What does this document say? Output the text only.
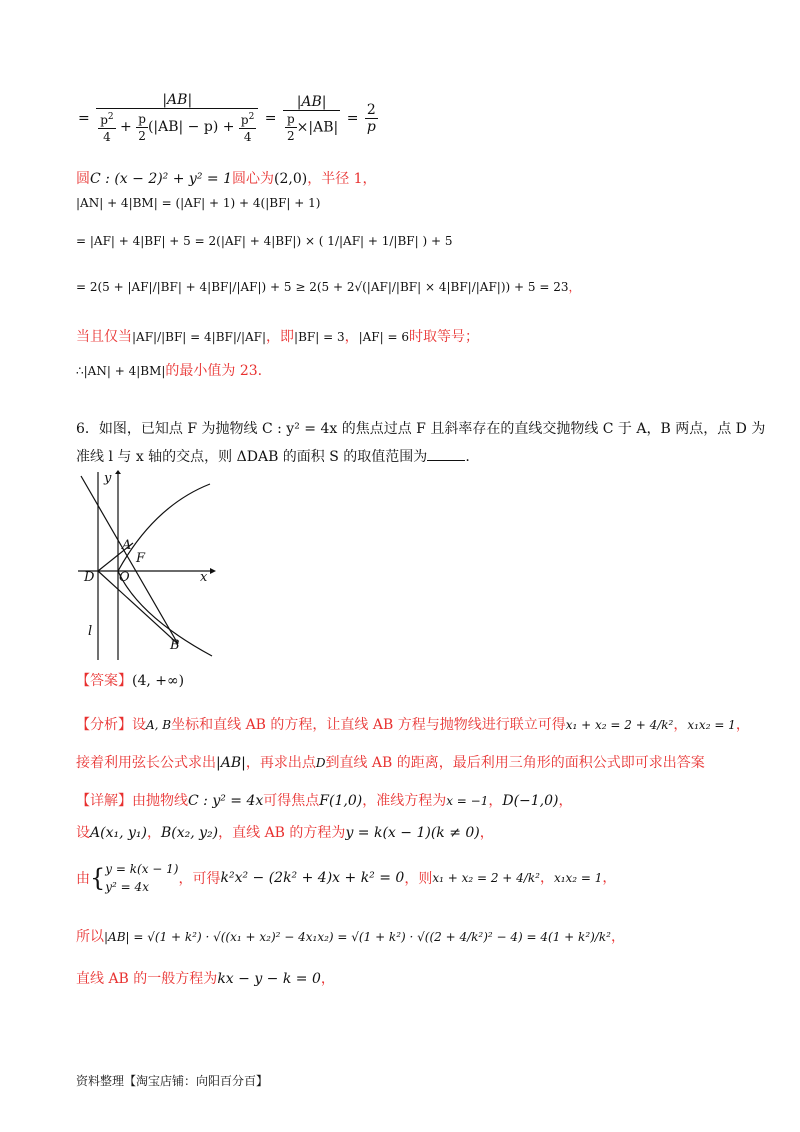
= $\frac{|AB|}{\frac{p^2}{4} + \frac{p}{2} (|AB| - p) + \frac{p^2}{4}} = \frac{|AB|}{\frac{p}{2} \times|AB|} = \frac{2}{p}$
圆C : (x − 2)² + y² = 1圆心为(2,0)，半径 1，
|AN| + 4|BM| = (|AF| + 1) + 4(|BF| + 1)
= |AF| + 4|BF| + 5 = 2(|AF| + 4|BF|) × ( 1/|AF| + 1/|BF| ) + 5
= 2(5 + |AF|/|BF| + 4|BF|/|AF|) + 5 ≥ 2(5 + 2√(|AF|/|BF| × 4|BF|/|AF|)) + 5 = 23，
当且仅当|AF|/|BF| = 4|BF|/|AF|，即|BF| = 3，|AF| = 6时取等号；
∴|AN| + 4|BM|的最小值为 23.
6．如图，已知点 F 为抛物线 C : y² = 4x 的焦点过点 F 且斜率存在的直线交抛物线 C 于 A，B 两点，点 D 为
准线 l 与 x 轴的交点，则 ΔDAB 的面积 S 的取值范围为	.
y
A
F
D O	x
l
B
【答案】(4, +∞)
【分析】设A, B坐标和直线 AB 的方程，让直线 AB 方程与抛物线进行联立可得x₁ + x₂ = 2 + 4/k²，x₁x₂ = 1，
接着利用弦长公式求出|AB|，再求出点D到直线 AB 的距离，最后利用三角形的面积公式即可求出答案
【详解】由抛物线C : y² = 4x可得焦点F(1,0)，准线方程为x = −1，D(−1,0)，
设A(x₁, y₁)，B(x₂, y₂)，直线 AB 的方程为y = k(x − 1)(k ≠ 0)，
由{ y = k(x − 1)
y² = 4x	，可得k²x² − (2k² + 4)x + k² = 0，则x₁ + x₂ = 2 + 4/k²，x₁x₂ = 1，
所以|AB| = √(1 + k²) · √((x₁ + x₂)² − 4x₁x₂) = √(1 + k²) · √((2 + 4/k²)² − 4) = 4(1 + k²)/k²，
直线 AB 的一般方程为kx − y − k = 0，
资料整理【淘宝店铺：向阳百分百】
